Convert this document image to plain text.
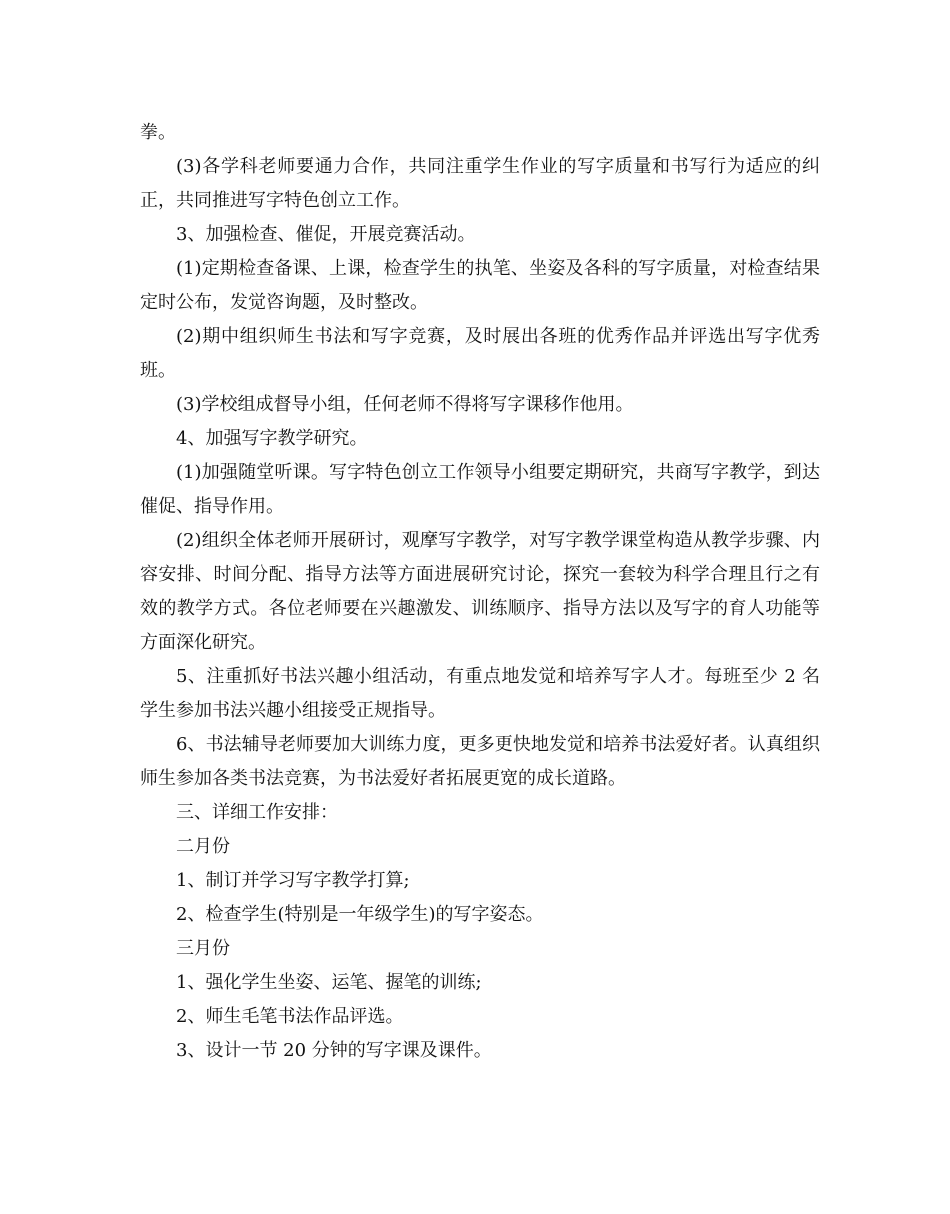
拳。

(3)各学科老师要通力合作，共同注重学生作业的写字质量和书写行为适应的纠正，共同推进写字特色创立工作。

3、加强检查、催促，开展竞赛活动。

(1)定期检查备课、上课，检查学生的执笔、坐姿及各科的写字质量，对检查结果定时公布，发觉咨询题，及时整改。

(2)期中组织师生书法和写字竞赛，及时展出各班的优秀作品并评选出写字优秀班。

(3)学校组成督导小组，任何老师不得将写字课移作他用。

4、加强写字教学研究。

(1)加强随堂听课。写字特色创立工作领导小组要定期研究，共商写字教学，到达催促、指导作用。

(2)组织全体老师开展研讨，观摩写字教学，对写字教学课堂构造从教学步骤、内容安排、时间分配、指导方法等方面进展研究讨论，探究一套较为科学合理且行之有效的教学方式。各位老师要在兴趣激发、训练顺序、指导方法以及写字的育人功能等方面深化研究。

5、注重抓好书法兴趣小组活动，有重点地发觉和培养写字人才。每班至少 2 名学生参加书法兴趣小组接受正规指导。

6、书法辅导老师要加大训练力度，更多更快地发觉和培养书法爱好者。认真组织师生参加各类书法竞赛，为书法爱好者拓展更宽的成长道路。

三、详细工作安排：

二月份

1、制订并学习写字教学打算;

2、检查学生(特别是一年级学生)的写字姿态。

三月份

1、强化学生坐姿、运笔、握笔的训练;

2、师生毛笔书法作品评选。

3、设计一节 20 分钟的写字课及课件。
